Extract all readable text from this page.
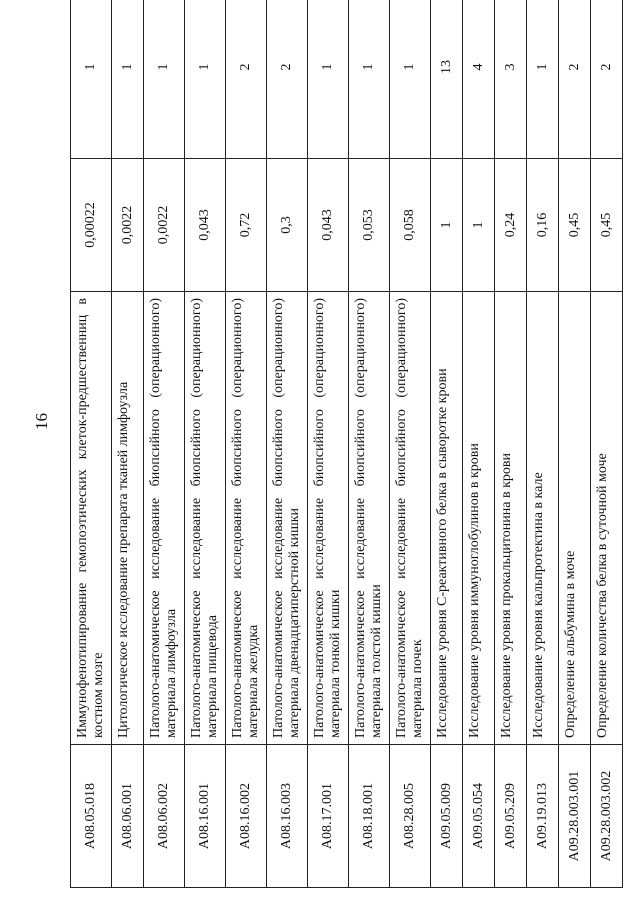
16
A08.05.018	Иммунофенотипирование гемопоэтических клеток-предшественниц в костном мозге	0,00022	1
A08.06.001	Цитологическое исследование препарата тканей лимфоузла	0,0022	1
A08.06.002	Патолого-анатомическое исследование биопсийного (операционного) материала лимфоузла	0,0022	1
A08.16.001	Патолого-анатомическое исследование биопсийного (операционного) материала пищевода	0,043	1
A08.16.002	Патолого-анатомическое исследование биопсийного (операционного) материала желудка	0,72	2
A08.16.003	Патолого-анатомическое исследование биопсийного (операционного) материала двенадцатиперстной кишки	0,3	2
A08.17.001	Патолого-анатомическое исследование биопсийного (операционного) материала тонкой кишки	0,043	1
A08.18.001	Патолого-анатомическое исследование биопсийного (операционного) материала толстой кишки	0,053	1
A08.28.005	Патолого-анатомическое исследование биопсийного (операционного) материала почек	0,058	1
A09.05.009	Исследование уровня С-реактивного белка в сыворотке крови	1	13
A09.05.054	Исследование уровня иммуноглобулинов в крови	1	4
A09.05.209	Исследование уровня прокальцитонина в крови	0,24	3
A09.19.013	Исследование уровня кальпротектина в кале	0,16	1
A09.28.003.001	Определение альбумина в моче	0,45	2
A09.28.003.002	Определение количества белка в суточной моче	0,45	2
